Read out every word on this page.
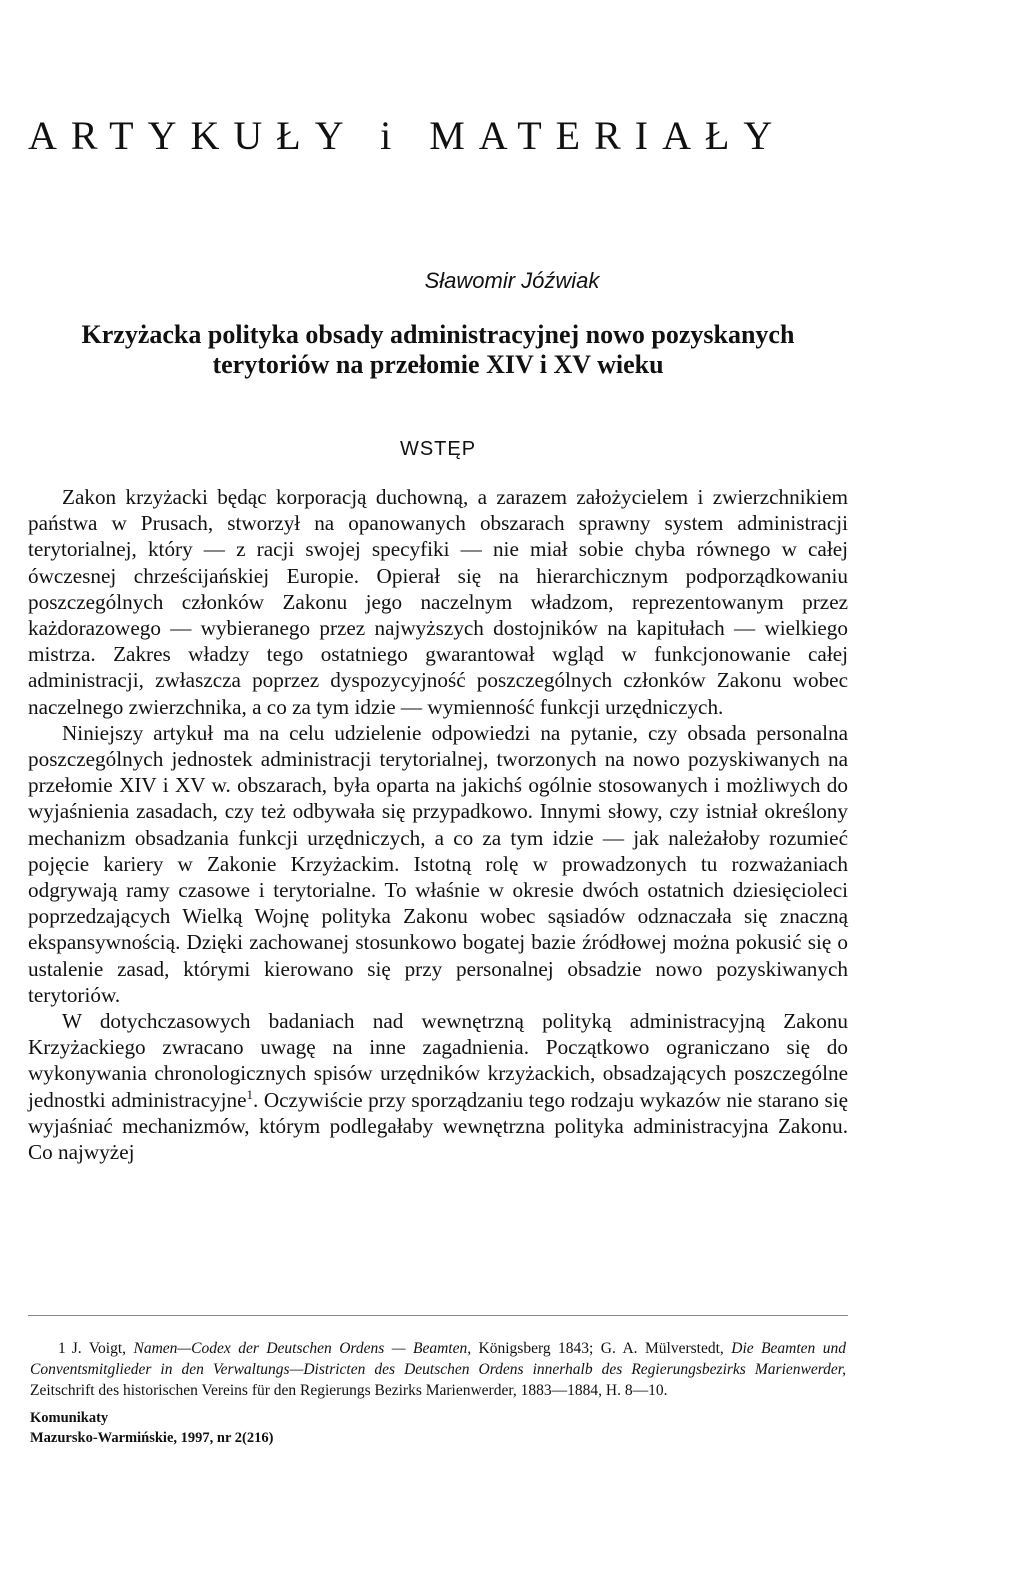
ARTYKUŁY i MATERIAŁY
Sławomir Jóźwiak
Krzyżacka polityka obsady administracyjnej nowo pozyskanych
terytoriów na przełomie XIV i XV wieku
WSTĘP

Zakon krzyżacki będąc korporacją duchowną, a zarazem założycielem i zwierzchnikiem państwa w Prusach, stworzył na opanowanych obszarach sprawny system administracji terytorialnej, który — z racji swojej specyfiki — nie miał sobie chyba równego w całej ówczesnej chrześcijańskiej Europie. Opierał się na hierarchicznym podporządkowaniu poszczególnych członków Zakonu jego naczelnym władzom, reprezentowanym przez każdorazowego — wybieranego przez najwyższych dostojników na kapitułach — wielkiego mistrza. Zakres władzy tego ostatniego gwarantował wgląd w funkcjonowanie całej administracji, zwłaszcza poprzez dyspozycyjność poszczególnych członków Zakonu wobec naczelnego zwierzchnika, a co za tym idzie — wymienność funkcji urzędniczych.

Niniejszy artykuł ma na celu udzielenie odpowiedzi na pytanie, czy obsada personalna poszczególnych jednostek administracji terytorialnej, tworzonych na nowo pozyskiwanych na przełomie XIV i XV w. obszarach, była oparta na jakichś ogólnie stosowanych i możliwych do wyjaśnienia zasadach, czy też odbywała się przypadkowo. Innymi słowy, czy istniał określony mechanizm obsadzania funkcji urzędniczych, a co za tym idzie — jak należałoby rozumieć pojęcie kariery w Zakonie Krzyżackim. Istotną rolę w prowadzonych tu rozważaniach odgrywają ramy czasowe i terytorialne. To właśnie w okresie dwóch ostatnich dziesięcioleci poprzedzających Wielką Wojnę polityka Zakonu wobec sąsiadów odznaczała się znaczną ekspansywnością. Dzięki zachowanej stosunkowo bogatej bazie źródłowej można pokusić się o ustalenie zasad, którymi kierowano się przy personalnej obsadzie nowo pozyskiwanych terytoriów.

W dotychczasowych badaniach nad wewnętrzną polityką administracyjną Zakonu Krzyżackiego zwracano uwagę na inne zagadnienia. Początkowo ograniczano się do wykonywania chronologicznych spisów urzędników krzyżackich, obsadzających poszczególne jednostki administracyjne$^1$. Oczywiście przy sporządzaniu tego rodzaju wykazów nie starano się wyjaśniać mechanizmów, którym podlegałaby wewnętrzna polityka administracyjna Zakonu. Co najwyżej

1 J. Voigt, Namen—Codex der Deutschen Ordens — Beamten, Königsberg 1843; G. A. Mülverstedt, Die Beamten und Conventsmitglieder in den Verwaltungs—Districten des Deutschen Ordens innerhalb des Regierungsbezirks Marienwerder, Zeitschrift des historischen Vereins für den Regierungs Bezirks Marienwerder, 1883—1884, H. 8—10.
Komunikaty
Mazursko-Warmińskie, 1997, nr 2(216)
